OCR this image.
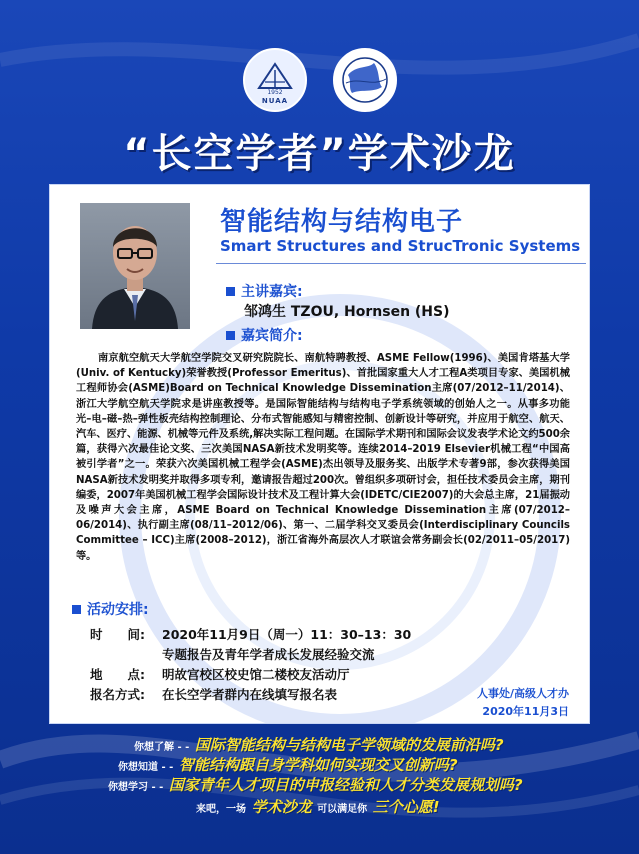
1952
NUAA
“长空学者”学术沙龙
智能结构与结构电子
Smart Structures and StrucTronic Systems
主讲嘉宾:
邹鸿生 TZOU, Hornsen (HS)
嘉宾简介:
南京航空航天大学航空学院交叉研究院院长、南航特聘教授、ASME Fellow(1996)、美国肯塔基大学(Univ. of Kentucky)荣誉教授(Professor Emeritus)、首批国家重大人才工程A类项目专家、美国机械工程师协会(ASME)Board on Technical Knowledge Dissemination主席(07/2012–11/2014)、浙江大学航空航天学院求是讲座教授等。是国际智能结构与结构电子学系统领域的创始人之一。从事多功能光–电–磁–热–弹性板壳结构控制理论、分布式智能感知与精密控制、创新设计等研究，并应用于航空、航天、汽车、医疗、能源、机械等元件及系统,解决实际工程问题。在国际学术期刊和国际会议发表学术论文约500余篇，获得六次最佳论文奖、三次美国NASA新技术发明奖等。连续2014–2019 Elsevier机械工程“中国高被引学者”之一。荣获六次美国机械工程学会(ASME)杰出领导及服务奖、出版学术专著9部，参次获得美国 NASA新技术发明奖并取得多项专利，邀请报告超过200次。曾组织多项研讨会，担任技术委员会主席，期刊编委，2007年美国机械工程学会国际设计技术及工程计算大会(IDETC/CIE2007)的大会总主席，21届振动及噪声大会主席，ASME Board on Technical Knowledge Dissemination主席(07/2012–06/2014)、执行副主席(08/11–2012/06)、第一、二届学科交叉委员会(Interdisciplinary Councils Committee – ICC)主席(2008–2012)，浙江省海外高层次人才联谊会常务副会长(02/2011–05/2017)等。
活动安排:
时　　间: 2020年11月9日（周一）11：30–13：30
专题报告及青年学者成长发展经验交流
地　　点: 明故宫校区校史馆二楼校友活动厅
报名方式: 在长空学者群内在线填写报名表	人事处/高级人才办
2020年11月3日
你想了解 - - 国际智能结构与结构电子学领域的发展前沿吗?
你想知道 - - 智能结构跟自身学科如何实现交叉创新吗?
你想学习 - - 国家青年人才项目的申报经验和人才分类发展规划吗?
来吧，一场 学术沙龙 可以满足你 三个心愿!
